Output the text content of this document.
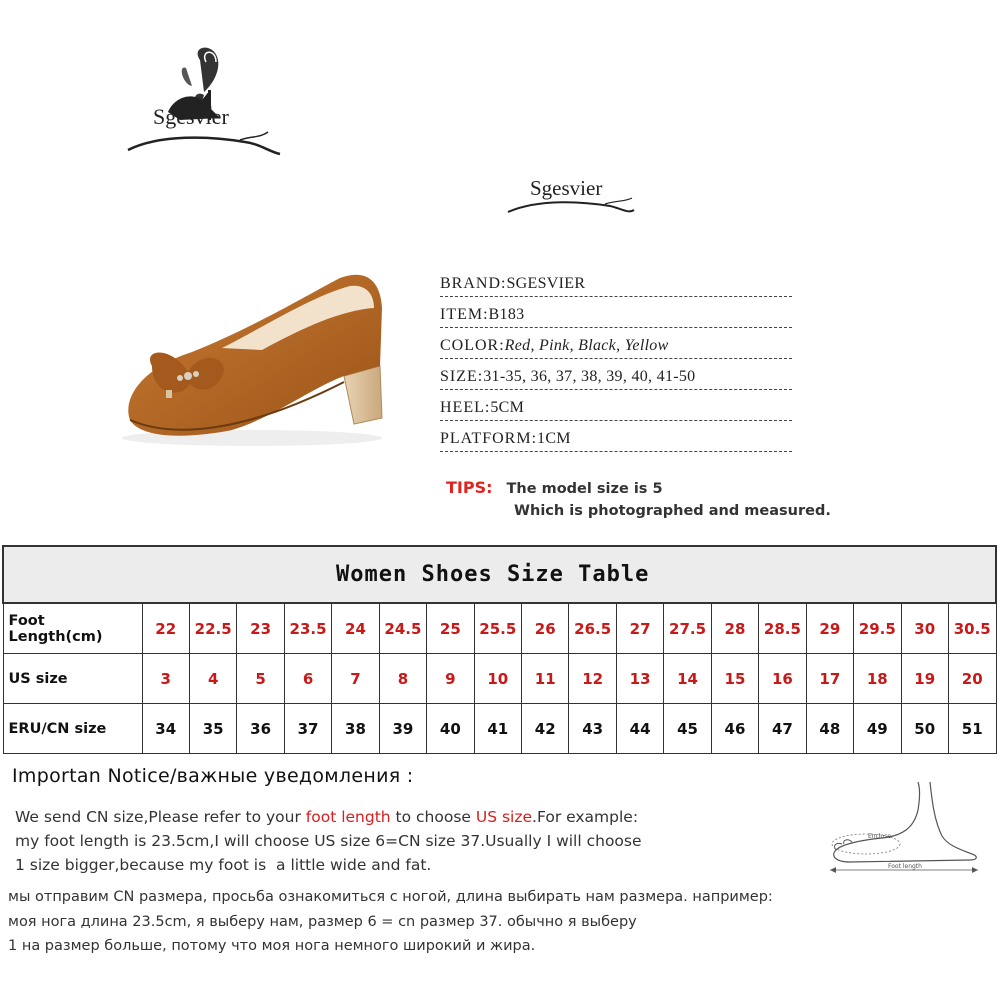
Sgesvier
Sgesvier
BRAND: SGESVIER
ITEM: B183
COLOR: Red, Pink, Black, Yellow
SIZE: 31-35, 36, 37, 38, 39, 40, 41-50
HEEL: 5CM
PLATFORM: 1CM
TIPS: The model size is 5
Which is photographed and measured.
Women Shoes Size Table																		
Foot Length(cm)	22	22.5	23	23.5	24	24.5	25	25.5	26	26.5	27	27.5	28	28.5	29	29.5	30	30.5
US size	3	4	5	6	7	8	9	10	11	12	13	14	15	16	17	18	19	20
ERU/CN size	34	35	36	37	38	39	40	41	42	43	44	45	46	47	48	49	50	51
Importan Notice/важные уведомления :
We send CN size,Please refer to your foot length to choose US size.For example:
my foot length is 23.5cm,I will choose US size 6=CN size 37.Usually I will choose
1 size bigger,because my foot is  a little wide and fat.
мы отправим CN размера, просьба ознакомиться с ногой, длина выбирать нам размера. например:
моя нога длина 23.5cm, я выберу нам, размер 6 = cn размер 37. обычно я выберу
1 на размер больше, потому что моя нога немного широкий и жира.
Enclose
Foot length
